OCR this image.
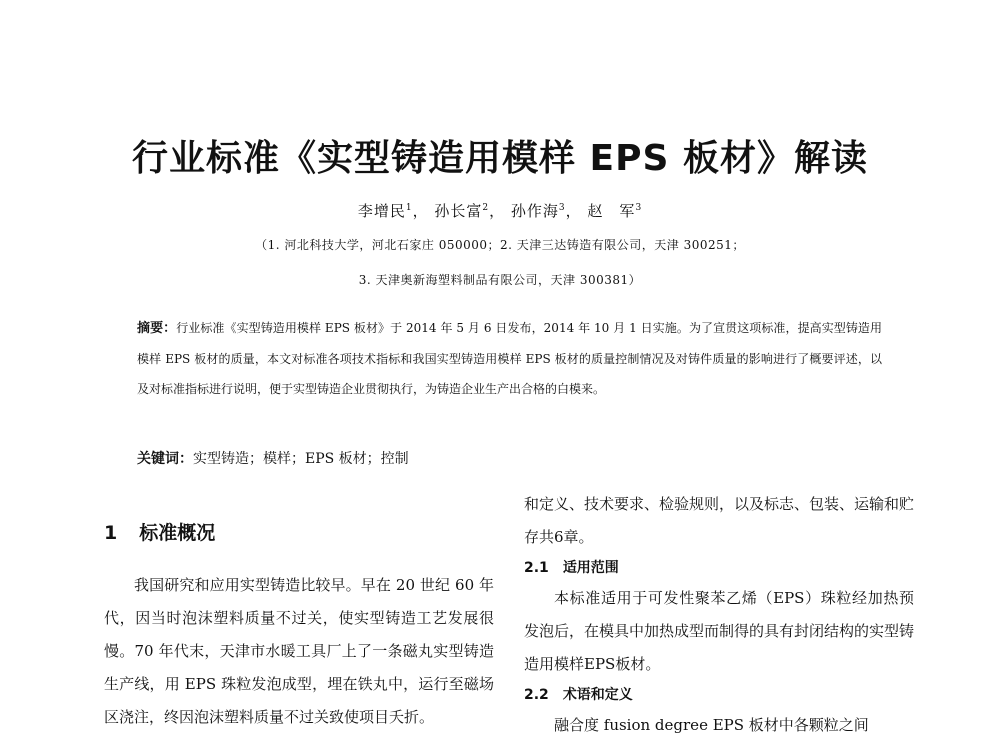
行业标准《实型铸造用模样 EPS 板材》解读
李增民$^1$， 孙长富$^2$， 孙作海$^3$， 赵　军$^3$
（1. 河北科技大学，河北石家庄 050000；2. 天津三达铸造有限公司，天津 300251；
3. 天津奥新海塑料制品有限公司，天津 300381）
摘要：行业标准《实型铸造用模样 EPS 板材》于 2014 年 5 月 6 日发布，2014 年 10 月 1 日实施。为了宣贯这项标准，提高实型铸造用模样 EPS 板材的质量，本文对标准各项技术指标和我国实型铸造用模样 EPS 板材的质量控制情况及对铸件质量的影响进行了概要评述，以及对标准指标进行说明，便于实型铸造企业贯彻执行，为铸造企业生产出合格的白模来。
关键词：实型铸造；模样；EPS 板材；控制
1 标准概况

我国研究和应用实型铸造比较早。早在 20 世纪 60 年代，因当时泡沫塑料质量不过关，使实型铸造工艺发展很慢。70 年代末，天津市水暖工具厂上了一条磁丸实型铸造生产线，用 EPS 珠粒发泡成型，埋在铁丸中，运行至磁场区浇注，终因泡沫塑料质量不过关致使项目夭折。

和定义、技术要求、检验规则，以及标志、包装、运输和贮存共6章。

2.1 适用范围

本标准适用于可发性聚苯乙烯（EPS）珠粒经加热预发泡后，在模具中加热成型而制得的具有封闭结构的实型铸造用模样EPS板材。

2.2 术语和定义

融合度 fusion degree EPS 板材中各颗粒之间
